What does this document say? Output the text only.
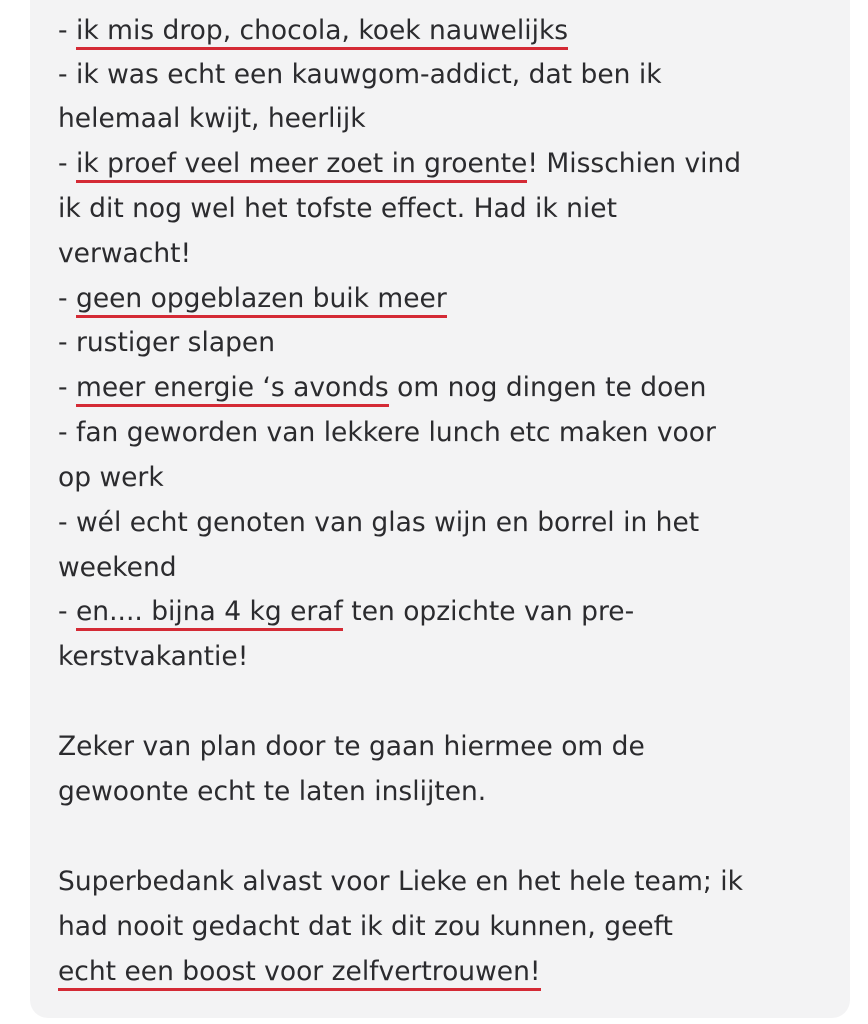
- ik mis drop, chocola, koek nauwelijks
- ik was echt een kauwgom-addict, dat ben ik
helemaal kwijt, heerlijk
- ik proef veel meer zoet in groente! Misschien vind
ik dit nog wel het tofste effect. Had ik niet
verwacht!
- geen opgeblazen buik meer
- rustiger slapen
- meer energie ‘s avonds om nog dingen te doen
- fan geworden van lekkere lunch etc maken voor
op werk
- wél echt genoten van glas wijn en borrel in het
weekend
- en.... bijna 4 kg eraf ten opzichte van pre-
kerstvakantie!
Zeker van plan door te gaan hiermee om de
gewoonte echt te laten inslijten.
Superbedank alvast voor Lieke en het hele team; ik
had nooit gedacht dat ik dit zou kunnen, geeft
echt een boost voor zelfvertrouwen!
